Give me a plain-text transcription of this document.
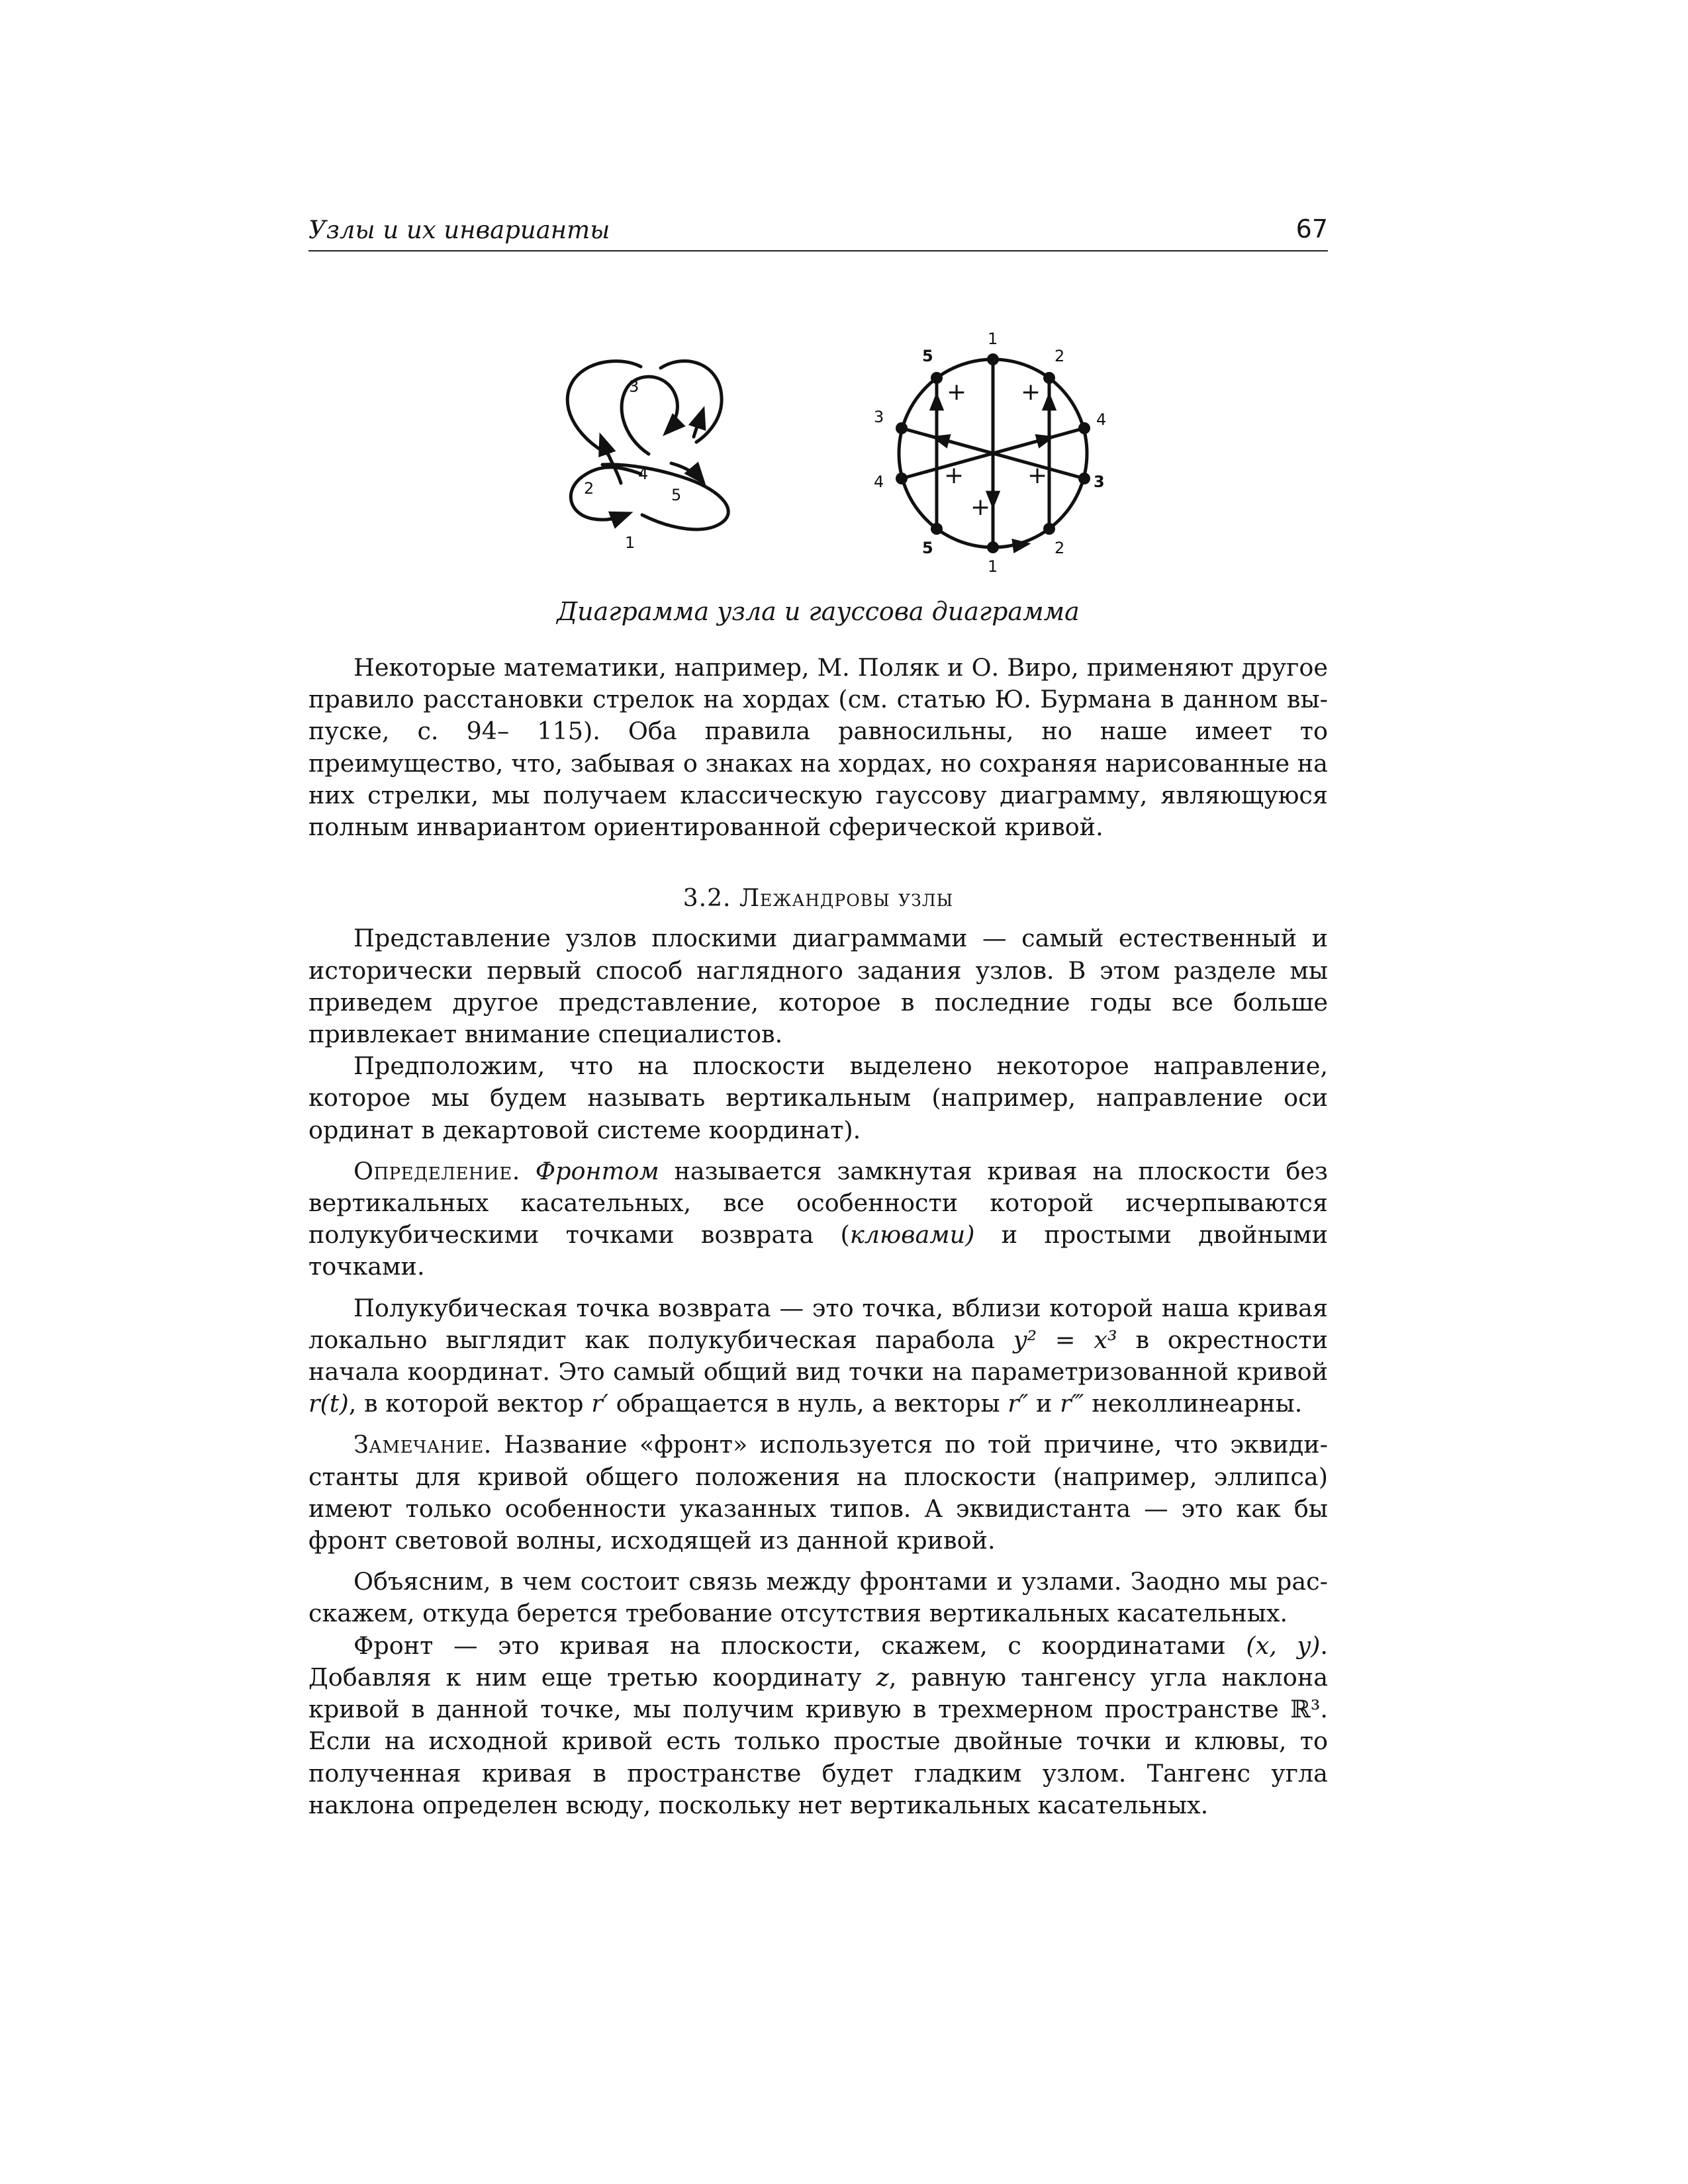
Узлы и их инварианты	67
3
2
4
5
1
5
1
2
3
4
4
3
5
1
2
+ +
+	+
+
Диаграмма узла и гауссова диаграмма

Некоторые математики, например, М. Поляк и О. Виро, применяют другое правило расстановки стрелок на хордах (см. статью Ю. Бурмана в данном выпуске, с. 94– 115). Оба правила равносильны, но наше имеет то преимущество, что, забывая о знаках на хордах, но сохраняя нарисованные на них стрелки, мы получаем классическую гауссову диаграмму, являющуюся полным инвариантом ориентированной сферической кривой.

3.2. Лежандровы узлы

Представление узлов плоскими диаграммами — самый естественный и исторически первый способ наглядного задания узлов. В этом разделе мы приведем другое представление, которое в последние годы все больше привлекает внимание специалистов.

Предположим, что на плоскости выделено некоторое направление, которое мы будем называть вертикальным (например, направление оси ординат в декартовой системе координат).

Определение. Фронтом называется замкнутая кривая на плоскости без вертикальных касательных, все особенности которой исчерпываются полукубическими точками возврата (клювами) и простыми двойными точками.

Полукубическая точка возврата — это точка, вблизи которой наша кривая локально выглядит как полукубическая парабола y² = x³ в окрестности начала координат. Это самый общий вид точки на параметризованной кривой r(t), в которой вектор r′ обращается в нуль, а векторы r″ и r‴ неколлинеарны.

Замечание. Название «фронт» используется по той причине, что эквидистанты для кривой общего положения на плоскости (например, эллипса) имеют только особенности указанных типов. А эквидистанта — это как бы фронт световой волны, исходящей из данной кривой.

Объясним, в чем состоит связь между фронтами и узлами. Заодно мы расскажем, откуда берется требование отсутствия вертикальных касательных.

Фронт — это кривая на плоскости, скажем, с координатами (x, y). Добавляя к ним еще третью координату z, равную тангенсу угла наклона кривой в данной точке, мы получим кривую в трехмерном пространстве ℝ³. Если на исходной кривой есть только простые двойные точки и клювы, то полученная кривая в пространстве будет гладким узлом. Тангенс угла наклона определен всюду, поскольку нет вертикальных касательных.
